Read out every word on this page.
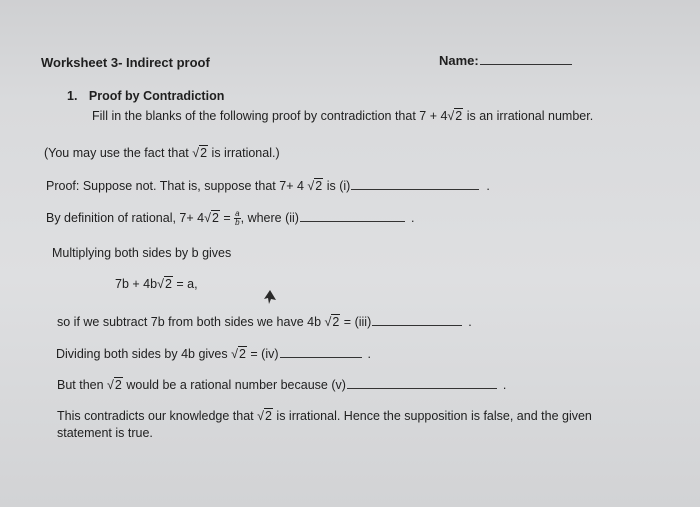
Worksheet 3- Indirect proof	Name:
1. Proof by Contradiction
Fill in the blanks of the following proof by contradiction that 7 + 4√2 is an irrational number.
(You may use the fact that √2 is irrational.)
Proof: Suppose not. That is, suppose that 7+ 4 √2 is (i)	.
By definition of rational, $7+ 4√2 = \frac{a}{b}$ , where (ii)	.
Multiplying both sides by b gives
7b + 4b√2 = a,
so if we subtract 7b from both sides we have 4b √2 = (iii)	.
Dividing both sides by 4b gives √2 = (iv)	.
But then √2 would be a rational number because (v)	.
This contradicts our knowledge that √2 is irrational. Hence the supposition is false, and the given
statement is true.
